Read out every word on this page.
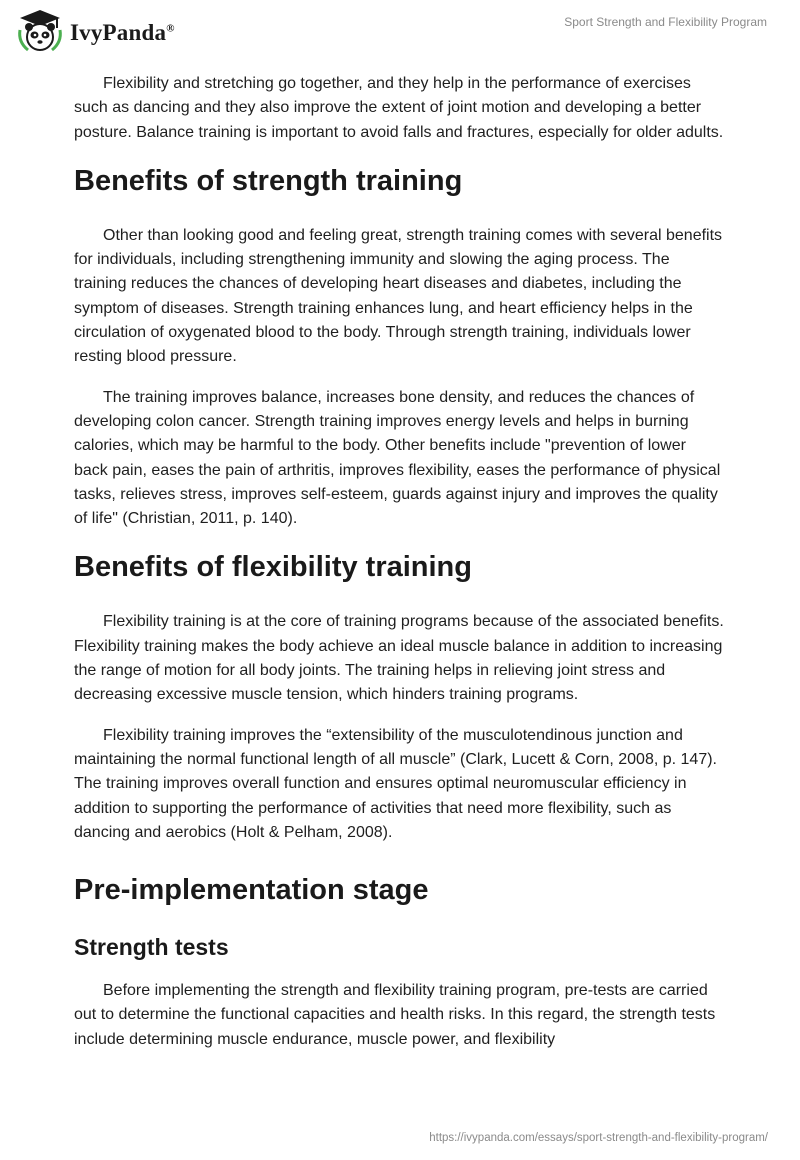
IvyPanda®	Sport Strength and Flexibility Program

Flexibility and stretching go together, and they help in the performance of exercises such as dancing and they also improve the extent of joint motion and developing a better posture. Balance training is important to avoid falls and fractures, especially for older adults.

Benefits of strength training

Other than looking good and feeling great, strength training comes with several benefits for individuals, including strengthening immunity and slowing the aging process. The training reduces the chances of developing heart diseases and diabetes, including the symptom of diseases. Strength training enhances lung, and heart efficiency helps in the circulation of oxygenated blood to the body. Through strength training, individuals lower resting blood pressure.

The training improves balance, increases bone density, and reduces the chances of developing colon cancer. Strength training improves energy levels and helps in burning calories, which may be harmful to the body. Other benefits include "prevention of lower back pain, eases the pain of arthritis, improves flexibility, eases the performance of physical tasks, relieves stress, improves self-esteem, guards against injury and improves the quality of life" (Christian, 2011, p. 140).

Benefits of flexibility training

Flexibility training is at the core of training programs because of the associated benefits. Flexibility training makes the body achieve an ideal muscle balance in addition to increasing the range of motion for all body joints. The training helps in relieving joint stress and decreasing excessive muscle tension, which hinders training programs.

Flexibility training improves the “extensibility of the musculotendinous junction and maintaining the normal functional length of all muscle” (Clark, Lucett & Corn, 2008, p. 147). The training improves overall function and ensures optimal neuromuscular efficiency in addition to supporting the performance of activities that need more flexibility, such as dancing and aerobics (Holt & Pelham, 2008).

Pre-implementation stage
Strength tests

Before implementing the strength and flexibility training program, pre-tests are carried out to determine the functional capacities and health risks. In this regard, the strength tests include determining muscle endurance, muscle power, and flexibility

https://ivypanda.com/essays/sport-strength-and-flexibility-program/
